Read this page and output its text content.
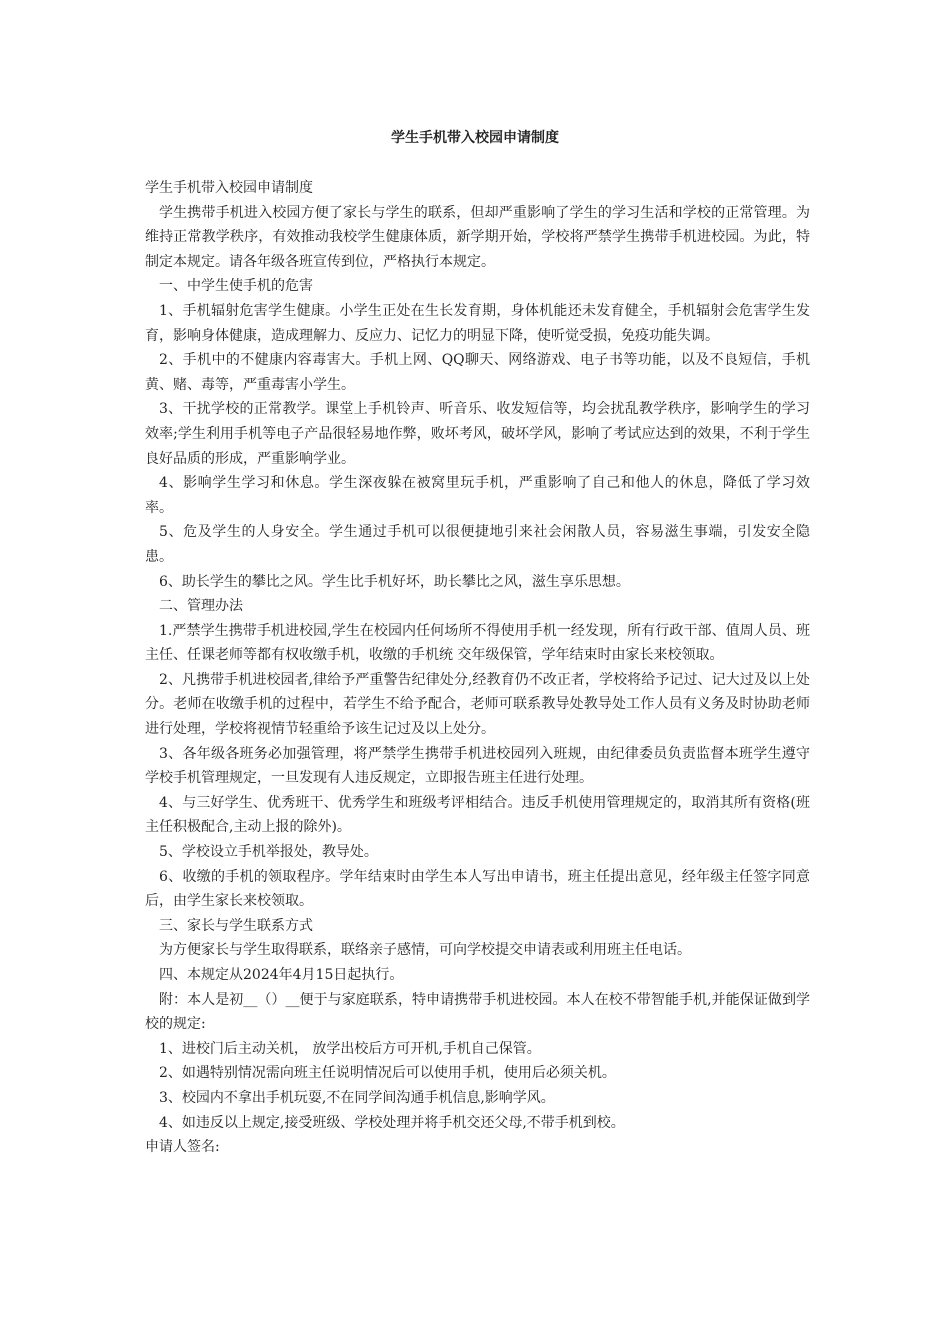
学生手机带入校园申请制度

学生手机带入校园申请制度

学生携带手机进入校园方便了家长与学生的联系，但却严重影响了学生的学习生活和学校的正常管理。为维持正常教学秩序，有效推动我校学生健康体质，新学期开始，学校将严禁学生携带手机进校园。为此，特制定本规定。请各年级各班宣传到位，严格执行本规定。

一、中学生使手机的危害

1、手机辐射危害学生健康。小学生正处在生长发育期，身体机能还未发育健全，手机辐射会危害学生发育，影响身体健康，造成理解力、反应力、记忆力的明显下降，使听觉受损，免疫功能失调。

2、手机中的不健康内容毒害大。手机上网、QQ聊天、网络游戏、电子书等功能，以及不良短信，手机黄、赌、毒等，严重毒害小学生。

3、干扰学校的正常教学。课堂上手机铃声、听音乐、收发短信等，均会扰乱教学秩序，影响学生的学习效率;学生利用手机等电子产品很轻易地作弊，败坏考风，破坏学风，影响了考试应达到的效果，不利于学生良好品质的形成，严重影响学业。

4、影响学生学习和休息。学生深夜躲在被窝里玩手机，严重影响了自己和他人的休息，降低了学习效率。

5、危及学生的人身安全。学生通过手机可以很便捷地引来社会闲散人员，容易滋生事端，引发安全隐患。

6、助长学生的攀比之风。学生比手机好坏，助长攀比之风，滋生享乐思想。

二、管理办法

1.严禁学生携带手机进校园,学生在校园内任何场所不得使用手机一经发现，所有行政干部、值周人员、班主任、任课老师等都有权收缴手机，收缴的手机统 交年级保管，学年结束时由家长来校领取。

2、凡携带手机进校园者,律给予严重警告纪律处分,经教育仍不改正者，学校将给予记过、记大过及以上处分。老师在收缴手机的过程中，若学生不给予配合，老师可联系教导处教导处工作人员有义务及时协助老师进行处理，学校将视情节轻重给予该生记过及以上处分。

3、各年级各班务必加强管理，将严禁学生携带手机进校园列入班规，由纪律委员负责监督本班学生遵守学校手机管理规定，一旦发现有人违反规定，立即报告班主任进行处理。

4、与三好学生、优秀班干、优秀学生和班级考评相结合。违反手机使用管理规定的，取消其所有资格(班主任积极配合,主动上报的除外)。

5、学校设立手机举报处，教导处。

6、收缴的手机的领取程序。学年结束时由学生本人写出申请书，班主任提出意见，经年级主任签字同意后，由学生家长来校领取。

三、家长与学生联系方式

为方便家长与学生取得联系，联络亲子感情，可向学校提交申请表或利用班主任电话。

四、本规定从2024年4月15日起执行。

附：本人是初__（）__便于与家庭联系，特申请携带手机进校园。本人在校不带智能手机,并能保证做到学校的规定:

1、进校门后主动关机， 放学出校后方可开机,手机自己保管。

2、如遇特别情况需向班主任说明情况后可以使用手机，使用后必须关机。

3、校园内不拿出手机玩耍,不在同学间沟通手机信息,影响学风。

4、如违反以上规定,接受班级、学校处理并将手机交还父母,不带手机到校。

申请人签名:
